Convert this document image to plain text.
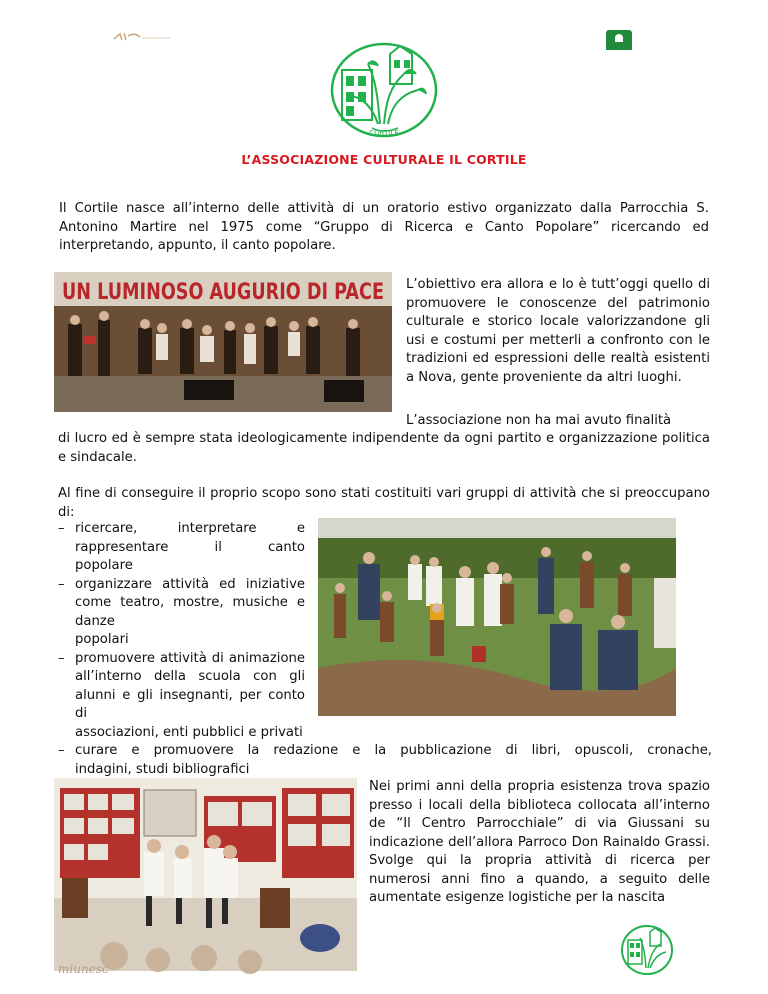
CORTILE
L’ASSOCIAZIONE CULTURALE IL CORTILE
Il Cortile nasce all’interno delle attività di un oratorio estivo organizzato dalla Parrocchia S. Antonino Martire nel 1975 come “Gruppo di Ricerca e Canto Popolare” ricercando ed interpretando, appunto, il canto popolare.
UN LUMINOSO AUGURIO DI PACE L’obiettivo era allora e lo è tutt’oggi quello di promuovere le conoscenze del patrimonio culturale e storico locale valorizzandone gli usi e costumi per metterli a confronto con le tradizioni ed espressioni delle realtà esistenti a Nova, gente proveniente da altri luoghi.
L’associazione non ha mai avuto finalità
di lucro ed è sempre stata ideologicamente indipendente da ogni partito e organizzazione politica e sindacale.
Al fine di conseguire il proprio scopo sono stati costituiti vari gruppi di attività che si preoccupano di:
– ricercare, interpretare e rappresentare il canto
popolare
– organizzare attività ed iniziative come teatro, mostre, musiche e danze
popolari
– promuovere attività di animazione all’interno della scuola con gli alunni e gli insegnanti, per conto di
associazioni, enti pubblici e privati
– curare e promuovere la redazione e la pubblicazione di libri, opuscoli, cronache,
indagini, studi bibliografici
Nei primi anni della propria esistenza trova spazio presso i locali della biblioteca collocata all’interno de “Il Centro Parrocchiale” di via Giussani su indicazione dell’allora Parroco Don Rainaldo Grassi. Svolge qui la propria attività di ricerca per numerosi anni fino a quando, a seguito delle aumentate esigenze logistiche per la nascita
miunesc
